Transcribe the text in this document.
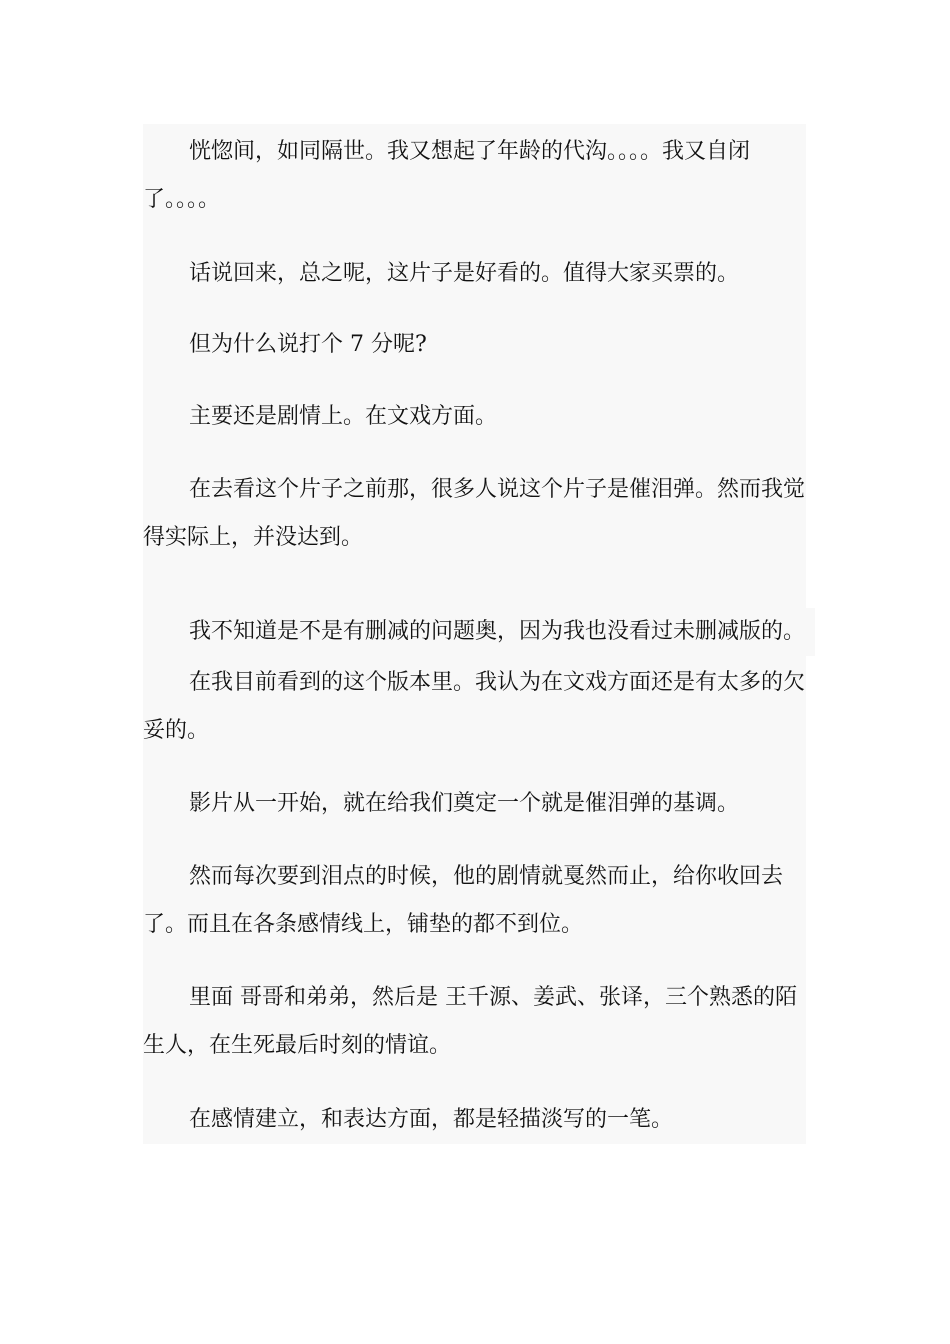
恍惚间，如同隔世。我又想起了年龄的代沟。。。。我又自闭了。。。。

话说回来，总之呢，这片子是好看的。值得大家买票的。

但为什么说打个 7 分呢?

主要还是剧情上。在文戏方面。

在去看这个片子之前那，很多人说这个片子是催泪弹。然而我觉得实际上，并没达到。

我不知道是不是有删减的问题奥，因为我也没看过未删减版的。

在我目前看到的这个版本里。我认为在文戏方面还是有太多的欠妥的。

影片从一开始，就在给我们奠定一个就是催泪弹的基调。

然而每次要到泪点的时候，他的剧情就戛然而止，给你收回去了。而且在各条感情线上，铺垫的都不到位。

里面 哥哥和弟弟，然后是 王千源、姜武、张译，三个熟悉的陌生人，在生死最后时刻的情谊。

在感情建立，和表达方面，都是轻描淡写的一笔。
